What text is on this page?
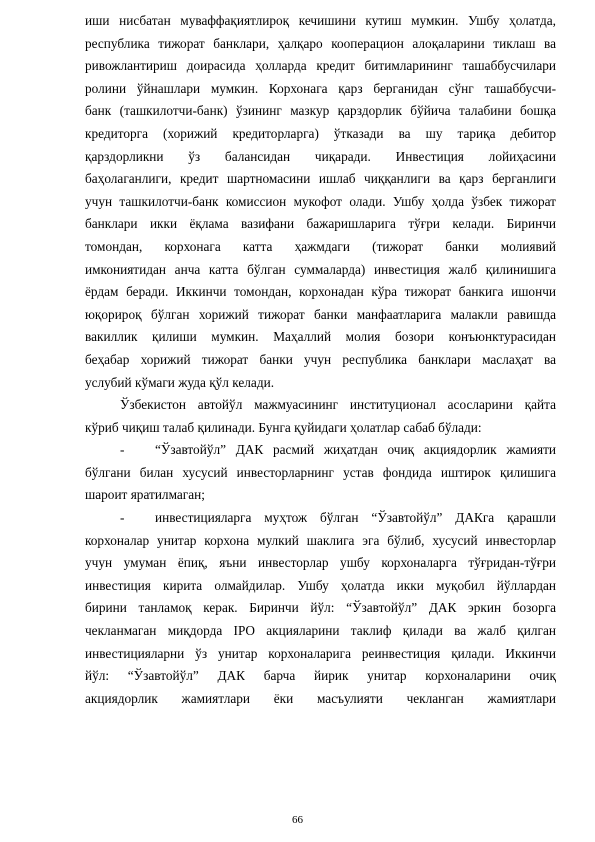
иши нисбатан муваффақиятлироқ кечишини кутиш мумкин. Ушбу ҳолатда,
республика тижорат банклари, ҳалқаро кооперацион алоқаларини тиклаш ва
ривожлантириш доирасида ҳолларда кредит битимларининг ташаббусчилари
ролини ўйнашлари мумкин. Корхонага қарз берганидан сўнг ташаббусчи-
банк (ташкилотчи-банк) ўзининг мазкур қарздорлик бўйича талабини бошқа
кредиторга (хорижий кредиторларга) ўтказади ва шу тариқа дебитор
қарздорликни ўз балансидан чиқаради. Инвестиция лойиҳасини
баҳолаганлиги, кредит шартномасини ишлаб чиққанлиги ва қарз берганлиги
учун ташкилотчи-банк комиссион мукофот олади. Ушбу ҳолда ўзбек тижорат
банклари икки ёқлама вазифани бажаришларига тўғри келади. Биринчи
томондан, корхонага катта ҳажмдаги (тижорат банки молиявий
имкониятидан анча катта бўлган суммаларда) инвестиция жалб қилинишига
ёрдам беради. Иккинчи томондан, корхонадан кўра тижорат банкига ишончи
юқорироқ бўлган хорижий тижорат банки манфаатларига малакли равишда
вакиллик қилиши мумкин. Маҳаллий молия бозори конъюнктурасидан
беҳабар хорижий тижорат банки учун республика банклари маслаҳат ва
услубий кўмаги жуда қўл келади.
Ўзбекистон автойўл мажмуасининг институционал асосларини қайта
кўриб чиқиш талаб қилинади. Бунга қуйидаги ҳолатлар сабаб бўлади:
- “Ўзавтойўл” ДАК расмий жиҳатдан очиқ акциядорлик жамияти
бўлгани билан хусусий инвесторларнинг устав фондида иштирок қилишига
шароит яратилмаган;
- инвестицияларга муҳтож бўлган “Ўзавтойўл” ДАКга қарашли
корхоналар унитар корхона мулкий шаклига эга бўлиб, хусусий инвесторлар
учун умуман ёпиқ, яъни инвесторлар ушбу корхоналарга тўғридан-тўғри
инвестиция кирита олмайдилар. Ушбу ҳолатда икки муқобил йўллардан
бирини танламоқ керак. Биринчи йўл: “Ўзавтойўл” ДАК эркин бозорга
чекланмаган миқдорда IPO акцияларини таклиф қилади ва жалб қилган
инвестицияларни ўз унитар корхоналарига реинвестиция қилади. Иккинчи
йўл: “Ўзавтойўл” ДАК барча йирик унитар корхоналарини очиқ
акциядорлик жамиятлари ёки масъулияти чекланган жамиятлари
66
